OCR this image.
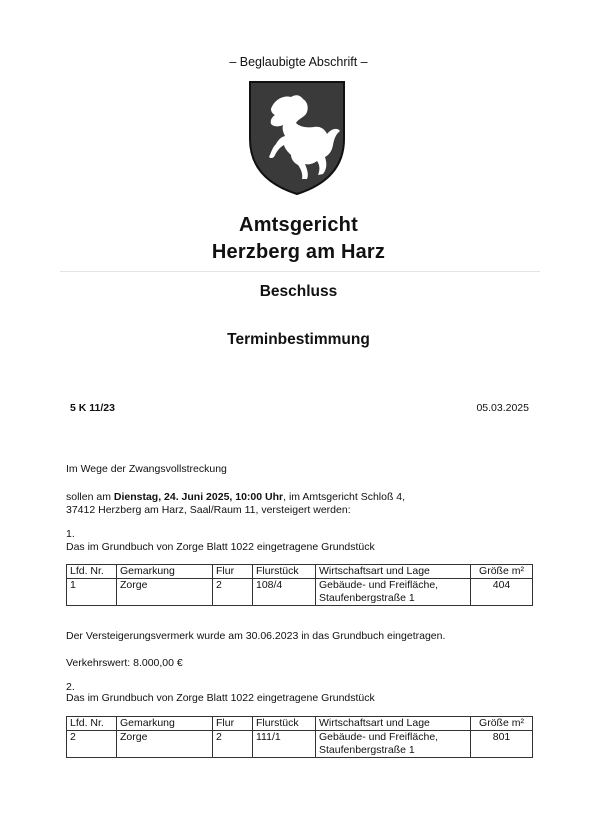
– Beglaubigte Abschrift –
Amtsgericht
Herzberg am Harz
Beschluss
Terminbestimmung
5 K 11/23	05.03.2025
Im Wege der Zwangsvollstreckung
sollen am Dienstag, 24. Juni 2025, 10:00 Uhr, im Amtsgericht Schloß 4,
37412 Herzberg am Harz, Saal/Raum 11, versteigert werden:
1.
Das im Grundbuch von Zorge Blatt 1022 eingetragene Grundstück
Lfd. Nr.	Gemarkung	Flur	Flurstück	Wirtschaftsart und Lage	Größe m²
1	Zorge	2	108/4	Gebäude- und Freifläche,
Staufenbergstraße 1	404
Der Versteigerungsvermerk wurde am 30.06.2023 in das Grundbuch eingetragen.
Verkehrswert: 8.000,00 €
2.
Das im Grundbuch von Zorge Blatt 1022 eingetragene Grundstück
Lfd. Nr.	Gemarkung	Flur	Flurstück	Wirtschaftsart und Lage	Größe m²
2	Zorge	2	111/1	Gebäude- und Freifläche,
Staufenbergstraße 1	801
